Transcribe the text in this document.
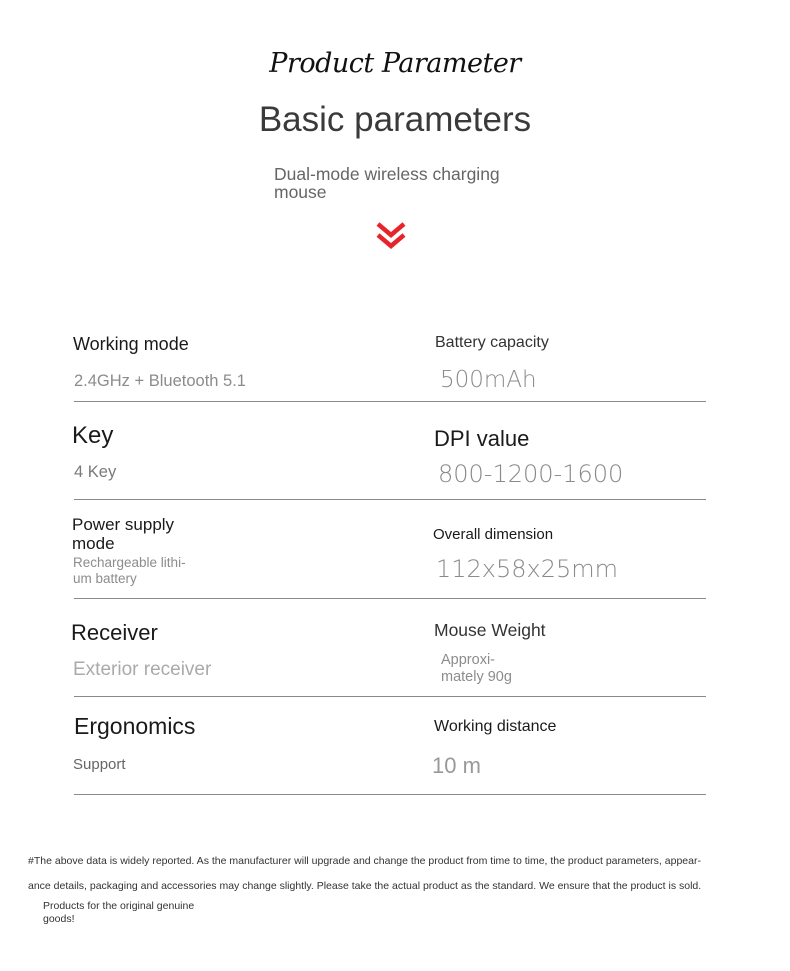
Product Parameter
Basic parameters
Dual-mode wireless charging mouse
Working mode
2.4GHz + Bluetooth 5.1
Battery capacity
500mAh
Key
4 Key
DPI value
800-1200-1600
Power supply mode
Rechargeable lithi- um battery
Overall dimension
112x58x25mm
Receiver
Exterior receiver
Mouse Weight
Approxi- mately 90g
Ergonomics
Support
Working distance
10 m
#The above data is widely reported. As the manufacturer will upgrade and change the product from time to time, the product parameters, appear-
ance details, packaging and accessories may change slightly. Please take the actual product as the standard. We ensure that the product is sold.
Products for the original genuine goods!
